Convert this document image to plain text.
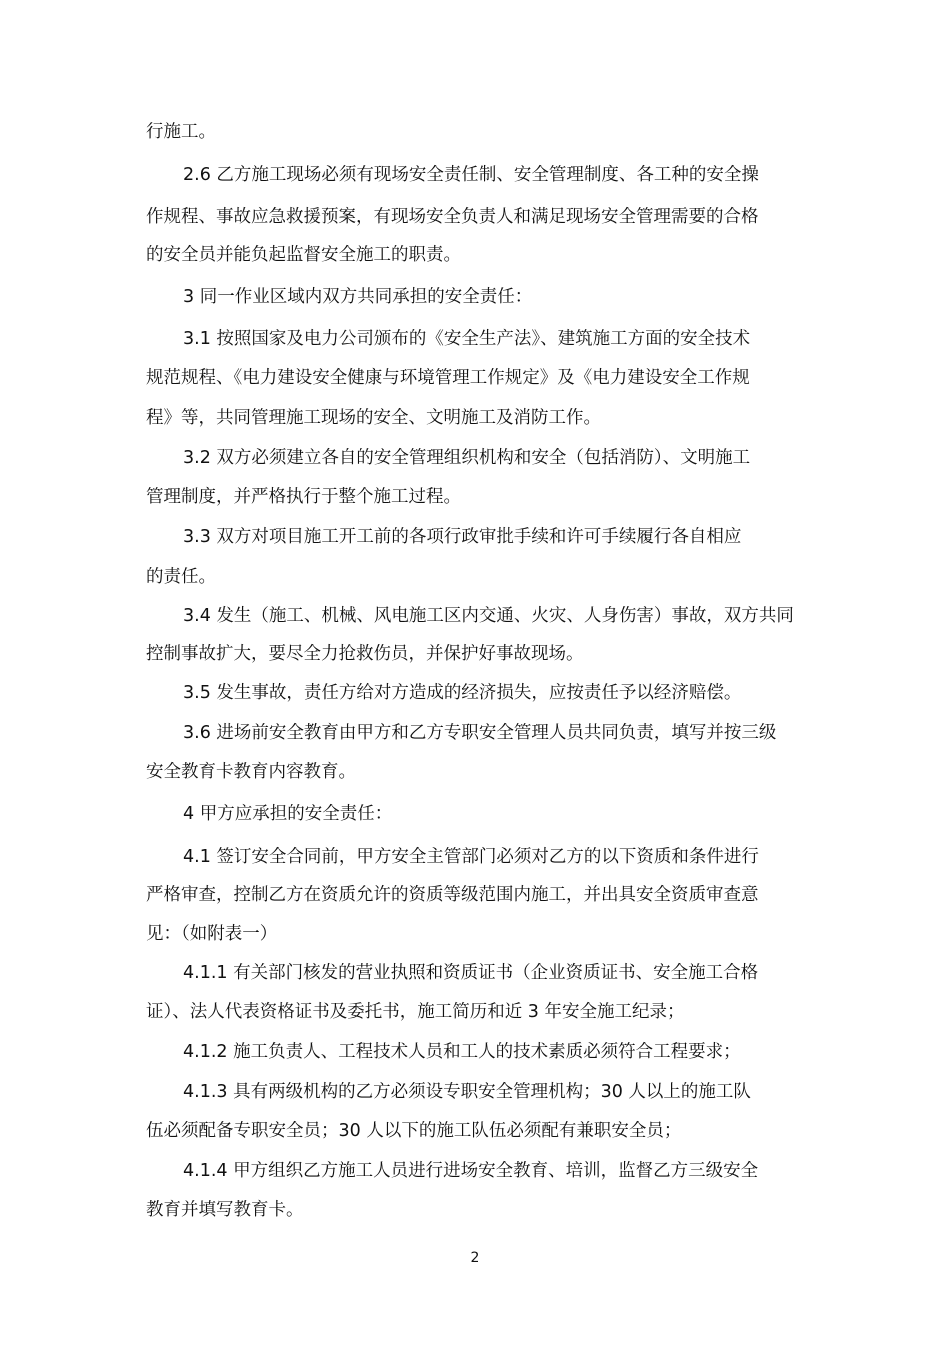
行施工。
2.6 乙方施工现场必须有现场安全责任制、安全管理制度、各工种的安全操
作规程、事故应急救援预案，有现场安全负责人和满足现场安全管理需要的合格
的安全员并能负起监督安全施工的职责。
3 同一作业区域内双方共同承担的安全责任：
3.1 按照国家及电力公司颁布的《安全生产法》、建筑施工方面的安全技术
规范规程、《电力建设安全健康与环境管理工作规定》及《电力建设安全工作规
程》等，共同管理施工现场的安全、文明施工及消防工作。
3.2 双方必须建立各自的安全管理组织机构和安全（包括消防）、文明施工
管理制度，并严格执行于整个施工过程。
3.3 双方对项目施工开工前的各项行政审批手续和许可手续履行各自相应
的责任。
3.4 发生（施工、机械、风电施工区内交通、火灾、人身伤害）事故，双方共同
控制事故扩大，要尽全力抢救伤员，并保护好事故现场。
3.5 发生事故，责任方给对方造成的经济损失，应按责任予以经济赔偿。
3.6 进场前安全教育由甲方和乙方专职安全管理人员共同负责，填写并按三级
安全教育卡教育内容教育。
4 甲方应承担的安全责任：
4.1 签订安全合同前，甲方安全主管部门必须对乙方的以下资质和条件进行
严格审查，控制乙方在资质允许的资质等级范围内施工，并出具安全资质审查意
见：（如附表一）
4.1.1 有关部门核发的营业执照和资质证书（企业资质证书、安全施工合格
证）、法人代表资格证书及委托书，施工简历和近 3 年安全施工纪录；
4.1.2 施工负责人、工程技术人员和工人的技术素质必须符合工程要求；
4.1.3 具有两级机构的乙方必须设专职安全管理机构；30 人以上的施工队
伍必须配备专职安全员；30 人以下的施工队伍必须配有兼职安全员；
4.1.4 甲方组织乙方施工人员进行进场安全教育、培训，监督乙方三级安全
教育并填写教育卡。
2
